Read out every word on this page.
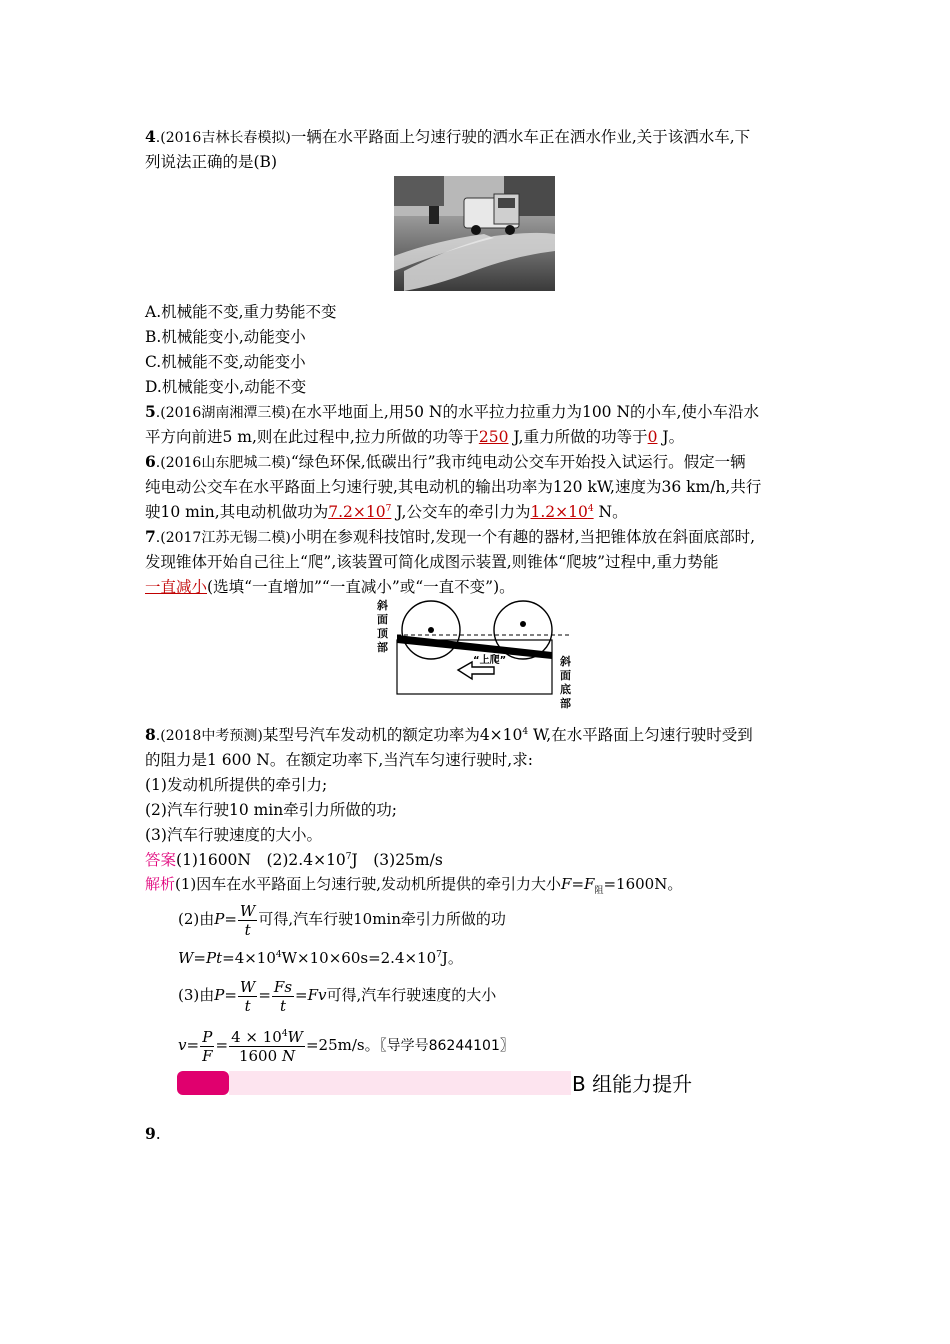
4.(2016吉林长春模拟)一辆在水平路面上匀速行驶的洒水车正在洒水作业,关于该洒水车,下
列说法正确的是(B)
A.机械能不变,重力势能不变
B.机械能变小,动能变小
C.机械能不变,动能变小
D.机械能变小,动能不变
5.(2016湖南湘潭三模)在水平地面上,用50 N的水平拉力拉重力为100 N的小车,使小车沿水
平方向前进5 m,则在此过程中,拉力所做的功等于250 J,重力所做的功等于0 J。
6.(2016山东肥城二模)“绿色环保,低碳出行”我市纯电动公交车开始投入试运行。假定一辆
纯电动公交车在水平路面上匀速行驶,其电动机的输出功率为120 kW,速度为36 km/h,共行
驶10 min,其电动机做功为$7.2\times 10^7$ J,公交车的牵引力为$1.2\times 10^4$ N。
7.(2017江苏无锡二模)小明在参观科技馆时,发现一个有趣的器材,当把锥体放在斜面底部时,
发现锥体开始自己往上“爬”,该装置可简化成图示装置,则锥体“爬坡”过程中,重力势能
一直减小(选填“一直增加”“一直减小”或“一直不变”)。
“上爬”
斜
面
顶
部
斜
面
底
部
8.(2018中考预测)某型号汽车发动机的额定功率为$4\times 10^4$ W,在水平路面上匀速行驶时受到
的阻力是1 600 N。在额定功率下,当汽车匀速行驶时,求:
(1)发动机所提供的牵引力;
(2)汽车行驶10 min牵引力所做的功;
(3)汽车行驶速度的大小。
答案(1)1600N　$(2)2.4\times 10^7J$　(3)25m/s
解析(1)因车在水平路面上匀速行驶,发动机所提供的牵引力大小$F=F_阻=1600N$。
(2)由$P= \frac{W}{t}$ 可得,汽车行驶10min牵引力所做的功
$W=Pt=4\times 10^4W\times 10\times 60s=2.4\times 10^7J$。
(3)由$P= \frac{W}{t} = \frac{Fs}{t} =Fv$可得,汽车行驶速度的大小
$v= \frac{P}{F} = \frac{4 \times 10^4W}{1600 N} =25m/s$。〖导学号86244101〗
B 组能力提升
9.
